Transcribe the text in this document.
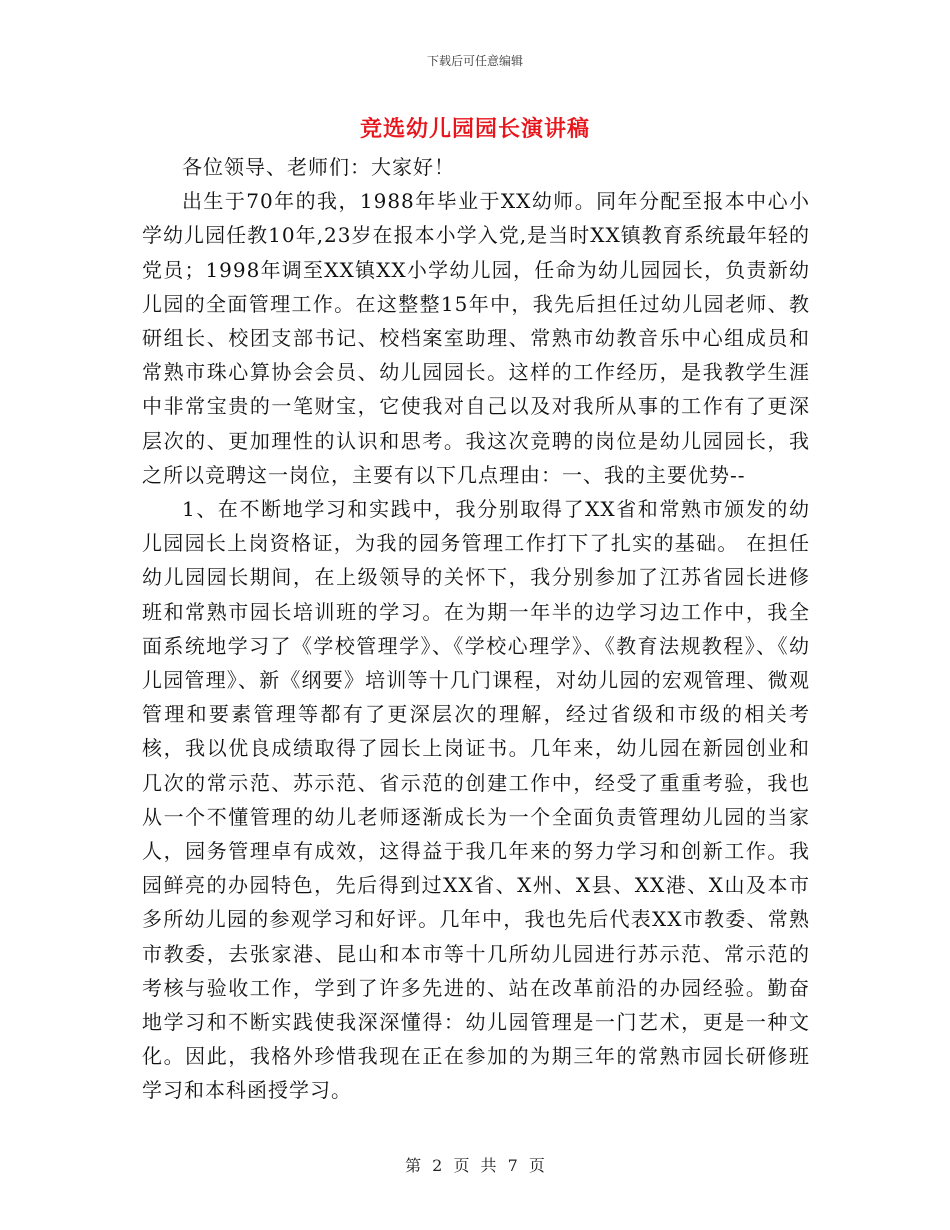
下载后可任意编辑
竞选幼儿园园长演讲稿

各位领导、老师们：大家好！

出生于70年的我，1988年毕业于XX幼师。同年分配至报本中心小学幼儿园任教10年,23岁在报本小学入党,是当时XX镇教育系统最年轻的党员；1998年调至XX镇XX小学幼儿园，任命为幼儿园园长，负责新幼儿园的全面管理工作。在这整整15年中，我先后担任过幼儿园老师、教研组长、校团支部书记、校档案室助理、常熟市幼教音乐中心组成员和常熟市珠心算协会会员、幼儿园园长。这样的工作经历，是我教学生涯中非常宝贵的一笔财宝，它使我对自己以及对我所从事的工作有了更深层次的、更加理性的认识和思考。我这次竞聘的岗位是幼儿园园长，我之所以竞聘这一岗位，主要有以下几点理由：一、我的主要优势--

1、在不断地学习和实践中，我分别取得了XX省和常熟市颁发的幼儿园园长上岗资格证，为我的园务管理工作打下了扎实的基础。 在担任幼儿园园长期间，在上级领导的关怀下，我分别参加了江苏省园长进修班和常熟市园长培训班的学习。在为期一年半的边学习边工作中，我全面系统地学习了《学校管理学》、《学校心理学》、《教育法规教程》、《幼儿园管理》、新《纲要》培训等十几门课程，对幼儿园的宏观管理、微观管理和要素管理等都有了更深层次的理解，经过省级和市级的相关考核，我以优良成绩取得了园长上岗证书。几年来，幼儿园在新园创业和几次的常示范、苏示范、省示范的创建工作中，经受了重重考验，我也从一个不懂管理的幼儿老师逐渐成长为一个全面负责管理幼儿园的当家人，园务管理卓有成效，这得益于我几年来的努力学习和创新工作。我园鲜亮的办园特色，先后得到过XX省、X州、X县、XX港、X山及本市多所幼儿园的参观学习和好评。几年中，我也先后代表XX市教委、常熟市教委，去张家港、昆山和本市等十几所幼儿园进行苏示范、常示范的考核与验收工作，学到了许多先进的、站在改革前沿的办园经验。勤奋地学习和不断实践使我深深懂得：幼儿园管理是一门艺术，更是一种文化。因此，我格外珍惜我现在正在参加的为期三年的常熟市园长研修班学习和本科函授学习。

第 2 页 共 7 页
